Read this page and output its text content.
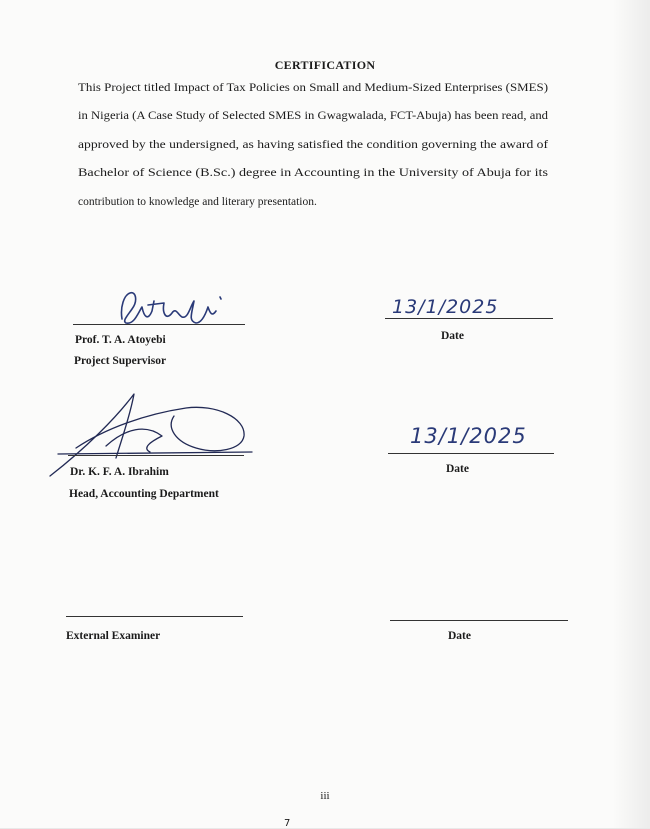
CERTIFICATION
This Project titled Impact of Tax Policies on Small and Medium-Sized Enterprises (SMES)
in Nigeria (A Case Study of Selected SMES in Gwagwalada, FCT-Abuja) has been read, and
approved by the undersigned, as having satisfied the condition governing the award of
Bachelor of Science (B.Sc.) degree in Accounting in the University of Abuja for its
contribution to knowledge and literary presentation.
Prof. T. A. Atoyebi
Project Supervisor
13/1/2025
Date
Dr. K. F. A. Ibrahim
Head, Accounting Department
13/1/2025
Date
External Examiner	Date
iii
7
